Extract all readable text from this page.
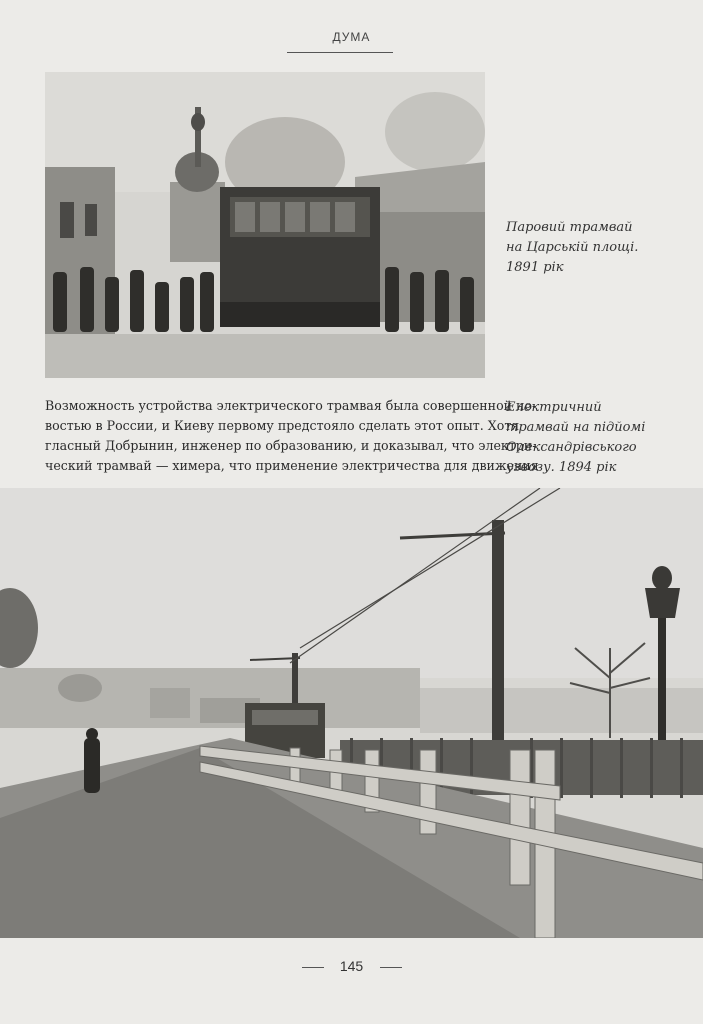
ДУМА
Паровий трамвай
на Царській площі.
1891 рік
Возможность устройства электрического трамвая была совершенной но-
востью в России, и Киеву первому предстояло сделать этот опыт. Хотя
гласный Добрынин, инженер по образованию, и доказывал, что электри-
ческий трамвай — химера, что применение электричества для движения
Електричний
трамвай на підйомі
Олександрівського
узвозу. 1894 рік
145
